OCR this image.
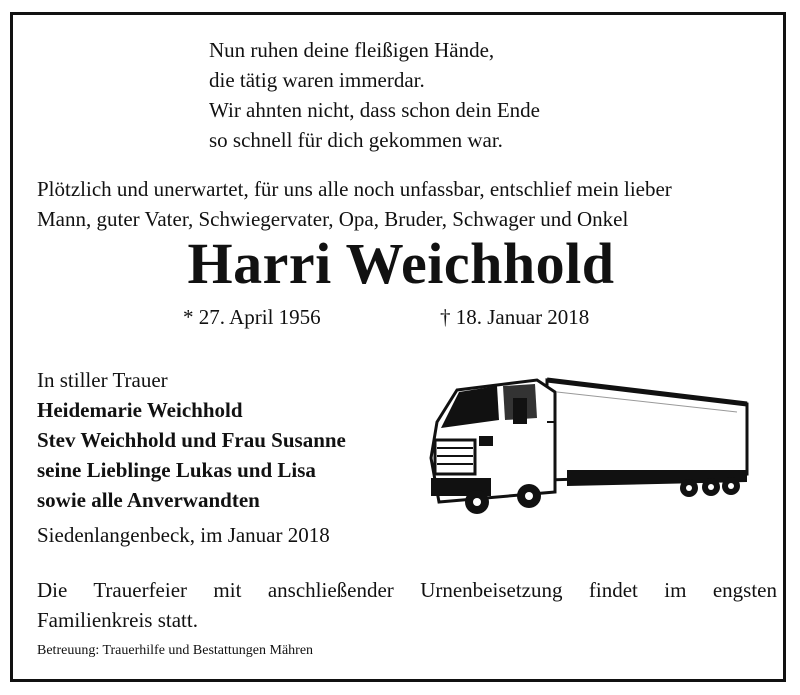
Nun ruhen deine fleißigen Hände,
die tätig waren immerdar.
Wir ahnten nicht, dass schon dein Ende
so schnell für dich gekommen war.
Plötzlich und unerwartet, für uns alle noch unfassbar, entschlief mein lieber
Mann, guter Vater, Schwiegervater, Opa, Bruder, Schwager und Onkel
Harri Weichhold
* 27. April 1956	† 18. Januar 2018
In stiller Trauer
Heidemarie Weichhold
Stev Weichhold und Frau Susanne
seine Lieblinge Lukas und Lisa
sowie alle Anverwandten
Siedenlangenbeck, im Januar 2018
Die Trauerfeier mit anschließender Urnenbeisetzung findet im engsten
Familienkreis statt.
Betreuung: Trauerhilfe und Bestattungen Mähren
